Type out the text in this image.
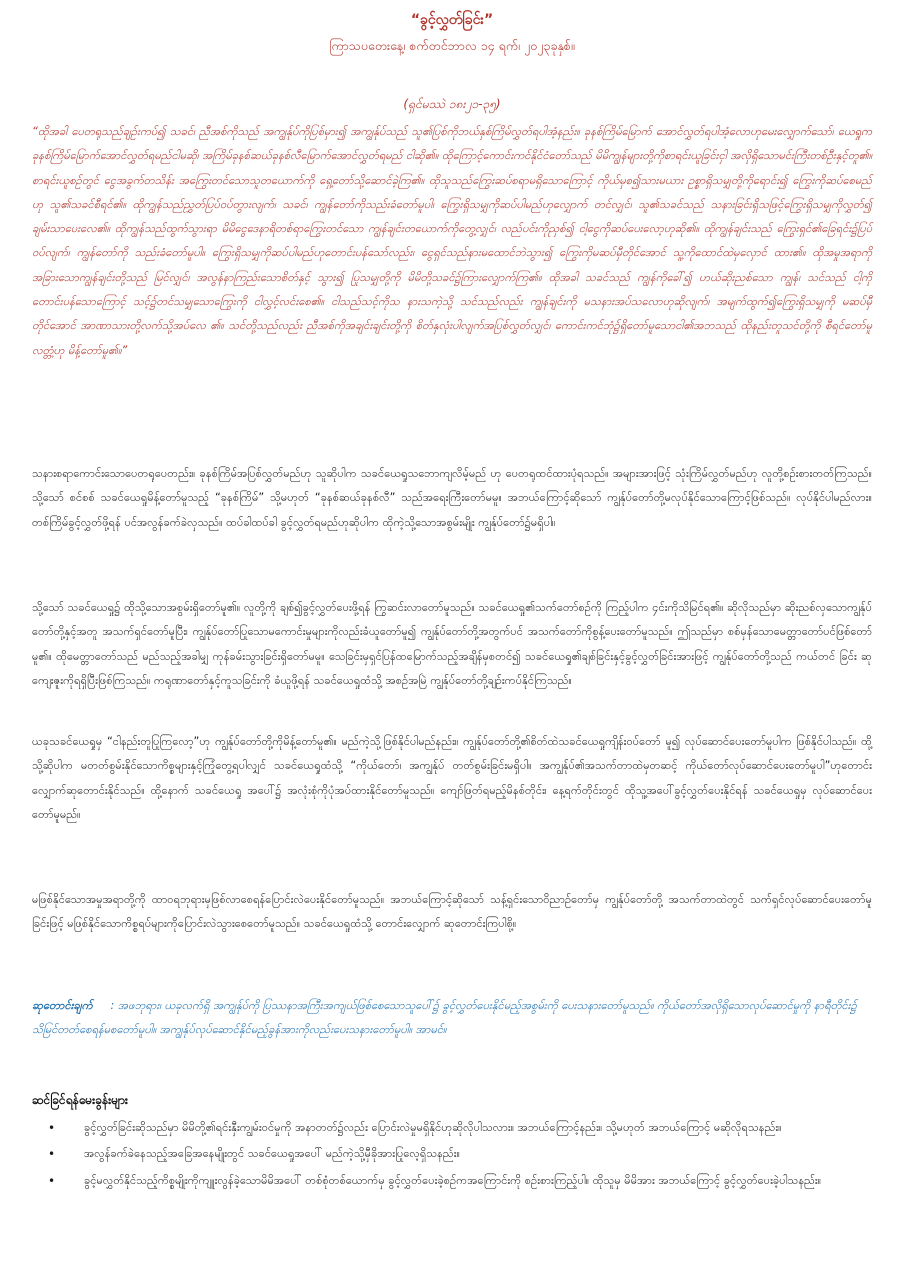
“ခွင့်လွှတ်ခြင်း”
ကြာသပတေးနေ့၊ စက်တင်ဘာလ ၁၄ ရက်၊ ၂၀၂၃ခုနှစ်။
(ရှင်မဿဲ ၁၈း၂၁-၃၅)

“ထိုအခါ ပေတရုသည်ချဉ်းကပ်၍ သခင်၊ ညီအစ်ကိုသည် အကျွန်ုပ်ကိုပြစ်မှား၍ အကျွန်ုပ်သည် သူ၏ပြစ်ကိုဘယ်နှစ်ကြိမ်လွှတ်ရပါအံ့နည်း။ ခုနစ်ကြိမ်မြောက် အောင်လွှတ်ရပါအံ့လောဟုမေးလျှောက်သော်၊ ယေရှုကခုနစ်ကြိမ်မြောက်အောင်လွှတ်ရမည်ငါမဆို၊ အကြိမ်ခုနစ်ဆယ်ခုနစ်လီမြောက်အောင်လွှတ်ရမည် ငါဆို၏။ ထိုကြောင့်ကောင်းကင်နိုင်ငံတော်သည် မိမိကျွန်များတို့ကိုစာရင်းယူခြင်းငှါ အလိုရှိသောမင်းကြီးတစ်ဦးနှင့်တူ၏။ စာရင်းယူစဉ်တွင် ငွေအခွက်တသိန်း အကြွေးတင်သောသူတယောက်ကို ရှေ့တော်သို့ဆောင်ခဲ့ကြ၏။ ထိုသူသည်ကြွေးဆပ်စရာမရှိသောကြောင့် ကိုယ်မှစ၍သားမယား ဥစ္စာရှိသမျှတို့ကိုရောင်း၍ ကြွေးကိုဆပ်စေမည်ဟု သူ၏သခင်စီရင်၏။ ထိုကျွန်သည်ညွှတ်ပြပ်ဝပ်တွားလျက်၊ သခင်၊ ကျွန်တော်ကိုသည်းခံတော်မူပါ၊ ကြွေးရှိသမျှကိုဆပ်ပါမည်ဟုလျှောက် တင်လျှင်၊ သူ၏သခင်သည် သနားခြင်းရှိသဖြင့်ကြွေးရှိသမျှကိုလွှတ်၍ ချမ်းသာပေးလေ၏။ ထိုကျွန်သည်ထွက်သွားရာ မိမိငွေဒေနာရိတစ်ရာကြွေးတင်သော ကျွန်ချင်းတယောက်ကိုတွေ့လျှင်၊ လည်ပင်းကိုညှစ်၍ ငါ့ငွေကိုဆပ်ပေးလော့ဟုဆို၏။ ထိုကျွန်ချင်းသည် ကြွေးရှင်၏ခြေရင်း၌ပြပ်ဝပ်လျက်၊ ကျွန်တော်ကို သည်းခံတော်မူပါ။ ကြွေးရှိသမျှကိုဆပ်ပါမည်ဟုတောင်းပန်သော်လည်း၊ ငွေရှင်သည်နားမထောင်ဘဲသွား၍ ကြွေးကိုမဆပ်မှီတိုင်အောင် သူ့ကိုထောင်ထဲမှလှောင် ထား၏။ ထိုအမှုအရာကို အခြားသောကျွန်ချင်းတို့သည် မြင်လျှင်၊ အလွန်နာကြည်းသောစိတ်နှင့် သွား၍ ပြုသမျှတို့ကို မိမိတို့သခင်၌ကြားလျှောက်ကြ၏။ ထိုအခါ သခင်သည် ကျွန်ကိုခေါ်၍ ဟယ်ဆိုးညစ်သော ကျွန်၊ သင်သည် ငါ့ကိုတောင်းပန်သောကြောင့် သင့်၌တင်သမျှသောကြွေးကို ငါလွှင့်လင်းစေ၏။ ငါသည်သင့်ကိုသ နားသကဲ့သို့ သင်သည်လည်း ကျွန်ချင်းကို မသနားအပ်သလောဟုဆိုလျက်၊ အမျက်ထွက်၍ကြွေးရှိသမျှကို မဆပ်မှီတိုင်အောင် အာဏာသားတို့လက်သို့အပ်လေ ၏။ သင်တို့သည်လည်း ညီအစ်ကိုအချင်းချင်းတို့ကို စိတ်နှလုံးပါလျက်အပြစ်လွှတ်လျှင်၊ ကောင်းကင်ဘုံ၌ရှိတော်မူသောငါ၏အဘသည် ထိုနည်းတူသင်တို့ကို စီရင်တော်မူလတ္တံ့ဟု မိန့်တော်မူ၏။”

သနားစရာကောင်းသောပေတရုပေတည်း။ ခုနစ်ကြိမ်အပြစ်လွှတ်မည်ဟု သူဆိုပါက သခင်ယေရှုသဘောကျလိမ့်မည် ဟု ပေတရုထင်ထားပုံရသည်။ အများအားဖြင့် သုံးကြိမ်လွှတ်မည်ဟု လူတို့စဉ်းစားတတ်ကြသည်။ သို့သော် စင်စစ် သခင်ယေရှုမိန့်တော်မူသည့် “ခုနစ်ကြိမ်” သို့မဟုတ် “ခုနစ်ဆယ်ခုနစ်လီ” သည်အရေးကြီးတော်မမူ။ အဘယ်ကြောင့်ဆိုသော် ကျွန်ုပ်တော်တို့မလုပ်နိုင်သောကြောင့်ဖြစ်သည်။ လုပ်နိုင်ပါမည်လား။ တစ်ကြိမ်ခွင့်လွှတ်ဖို့ရန် ပင်အလွန်ခက်ခဲလှသည်။ ထပ်ခါထပ်ခါ ခွင့်လွှတ်ရမည်ဟုဆိုပါက ထိုကဲ့သို့သောအစွမ်းမျိုး ကျွန်ုပ်တော်၌မရှိပါ။

သို့သော် သခင်ယေရှု၌ ထိုသို့သောအစွမ်းရှိတော်မူ၏။ လူတို့ကို ချစ်၍ခွင့်လွှတ်ပေးဖို့ရန် ကြွဆင်းလာတော်မူသည်။ သခင်ယေရှု၏သက်တော်စဉ်ကို ကြည့်ပါက ၄င်းကိုသိမြင်ရ၏။ ဆိုလိုသည်မှာ ဆိုးညစ်လှသောကျွန်ုပ်တော်တို့နှင့်အတူ အသက်ရှင်တော်မူပြီး၊ ကျွန်ုပ်တော်ပြုသောမကောင်းမှုများကိုလည်းခံယူတော်မူ၍ ကျွန်ုပ်တော်တို့အတွက်ပင် အသက်တော်ကိုစွန့်ပေးတော်မူသည်။ ဤသည်မှာ စစ်မှန်သောမေတ္တာတော်ပင်ဖြစ်တော်မူ၏။ ထိုမေတ္တာတော်သည် မည်သည့်အခါမျှ ကုန်ခမ်းသွားခြင်းရှိတော်မမူ။ သေခြင်းမှရှင်ပြန်ထမြောက်သည့်အချိန်မှစတင်၍ သခင်ယေရှု၏ချစ်ခြင်းနှင့်ခွင့်လွှတ်ခြင်းအားဖြင့် ကျွန်ုပ်တော်တို့သည် ကယ်တင် ခြင်း ဆုကျေးဇူးကိုရရှိပြီးဖြစ်ကြသည်။ ကရုဏာတော်နှင့်ကူသခြင်းကို ခံယူဖို့ရန် သခင်ယေရှုထံသို့ အစဉ်အမြဲ ကျွန်ုပ်တော်တို့ချဉ်းကပ်နိုင်ကြသည်။

ယခုသခင်ယေရှုမှ “ငါနည်းတူပြုကြလော့”ဟု ကျွန်ုပ်တော်တို့ကိုမိန့်တော်မူ၏။ မည်ကဲ့သို့ဖြစ်နိုင်ပါမည်နည်း။ ကျွန်ုပ်တော်တို့၏စိတ်ထဲသခင်ယေရှုကျိန်းဝပ်တော် မူ၍ လုပ်ဆောင်ပေးတော်မူပါက ဖြစ်နိုင်ပါသည်။ ထို့သို့ဆိုပါက မတတ်စွမ်းနိုင်သောကိစ္စများနှင့်ကြုံတွေ့ရပါလျှင် သခင်ယေရှုထံသို့ “ကိုယ်တော်၊ အကျွန်ုပ် တတ်စွမ်းခြင်းမရှိပါ။ အကျွန်ုပ်၏အသက်တာထဲမှတဆင့် ကိုယ်တော်လုပ်ဆောင်ပေးတော်မူပါ”ဟုတောင်းလျှောက်ဆုတောင်းနိုင်သည်။ ထို့နောက် သခင်ယေရှု အပေါ်၌ အလုံးစုံကိုပုံအပ်ထားနိုင်တော်မူသည်။ ကျော်ဖြတ်ရမည့်မိနစ်တိုင်း၊ နေ့ရက်တိုင်းတွင် ထိုသူ့အပေါ်ခွင့်လွှတ်ပေးနိုင်ရန် သခင်ယေရှုမှ လုပ်ဆောင်ပေး တော်မူမည်။

မဖြစ်နိုင်သောအမှုအရာတို့ကို ထာဝရဘုရားမှဖြစ်လာစေရန်ပြောင်းလဲပေးနိုင်တော်မူသည်။ အဘယ်ကြောင့်ဆိုသော် သန့်ရှင်းသောဝိညာဉ်တော်မှ ကျွန်ုပ်တော်တို့ အသက်တာထဲတွင် သက်ရှင်လုပ်ဆောင်ပေးတော်မူခြင်းဖြင့် မဖြစ်နိုင်သောကိစ္စရပ်များကိုပြောင်းလဲသွားစေတော်မူသည်။ သခင်ယေရှုထံသို့ တောင်းလျှောက် ဆုတောင်းကြပါစို့။

ဆုတောင်းချက် : အဖဘုရား၊ ယခုလက်ရှိ အကျွန်ုပ်ကို ပြဿနာအကြီးအကျယ်ဖြစ်စေသောသူပေါ်၌ ခွင့်လွှတ်ပေးနိုင်မည့်အစွမ်းကို ပေးသနားတော်မူသည်။ ကိုယ်တော်အလိုရှိသောလုပ်ဆောင်မှုကို နာရီတိုင်း၌ သိမြင်တတ်စေရန်မစတော်မူပါ။ အကျွန်ုပ်လုပ်ဆောင်နိုင်မည့်ခွန်အားကိုလည်းပေးသနားတော်မူပါ။ အာမင်။

ဆင်ခြင်ရန်မေးခွန်းများ
•	ခွင့်လွှတ်ခြင်းဆိုသည်မှာ မိမိတို့၏ရင်းနှီးကျွမ်းဝင်မှုကို အနာတတ်၌လည်း ပြောင်းလဲမှုမရှိနိုင်ဟုဆိုလိုပါသလား။ အဘယ်ကြောင့်နည်း။ သို့မဟုတ် အဘယ်ကြောင့် မဆိုလိုရသနည်း။
•	အလွန်ခက်ခဲနေသည့်အခြေအနေမျိုးတွင် သခင်ယေရှုအပေါ် မည်ကဲ့သို့မှီခိုအားပြုလေ့ရှိသနည်း။
•	ခွင့်မလွှတ်နိုင်သည့်ကိစ္စမျိုးကိုကျူးလွန်ခဲ့သောမိမိအပေါ် တစ်စုံတစ်ယောက်မှ ခွင့်လွှတ်ပေးခဲ့စဉ်ကအကြောင်းကို စဉ်းစားကြည့်ပါ။ ထိုသူမှ မိမိအား အဘယ်ကြောင့် ခွင့်လွှတ်ပေးခဲ့ပါသနည်း။
